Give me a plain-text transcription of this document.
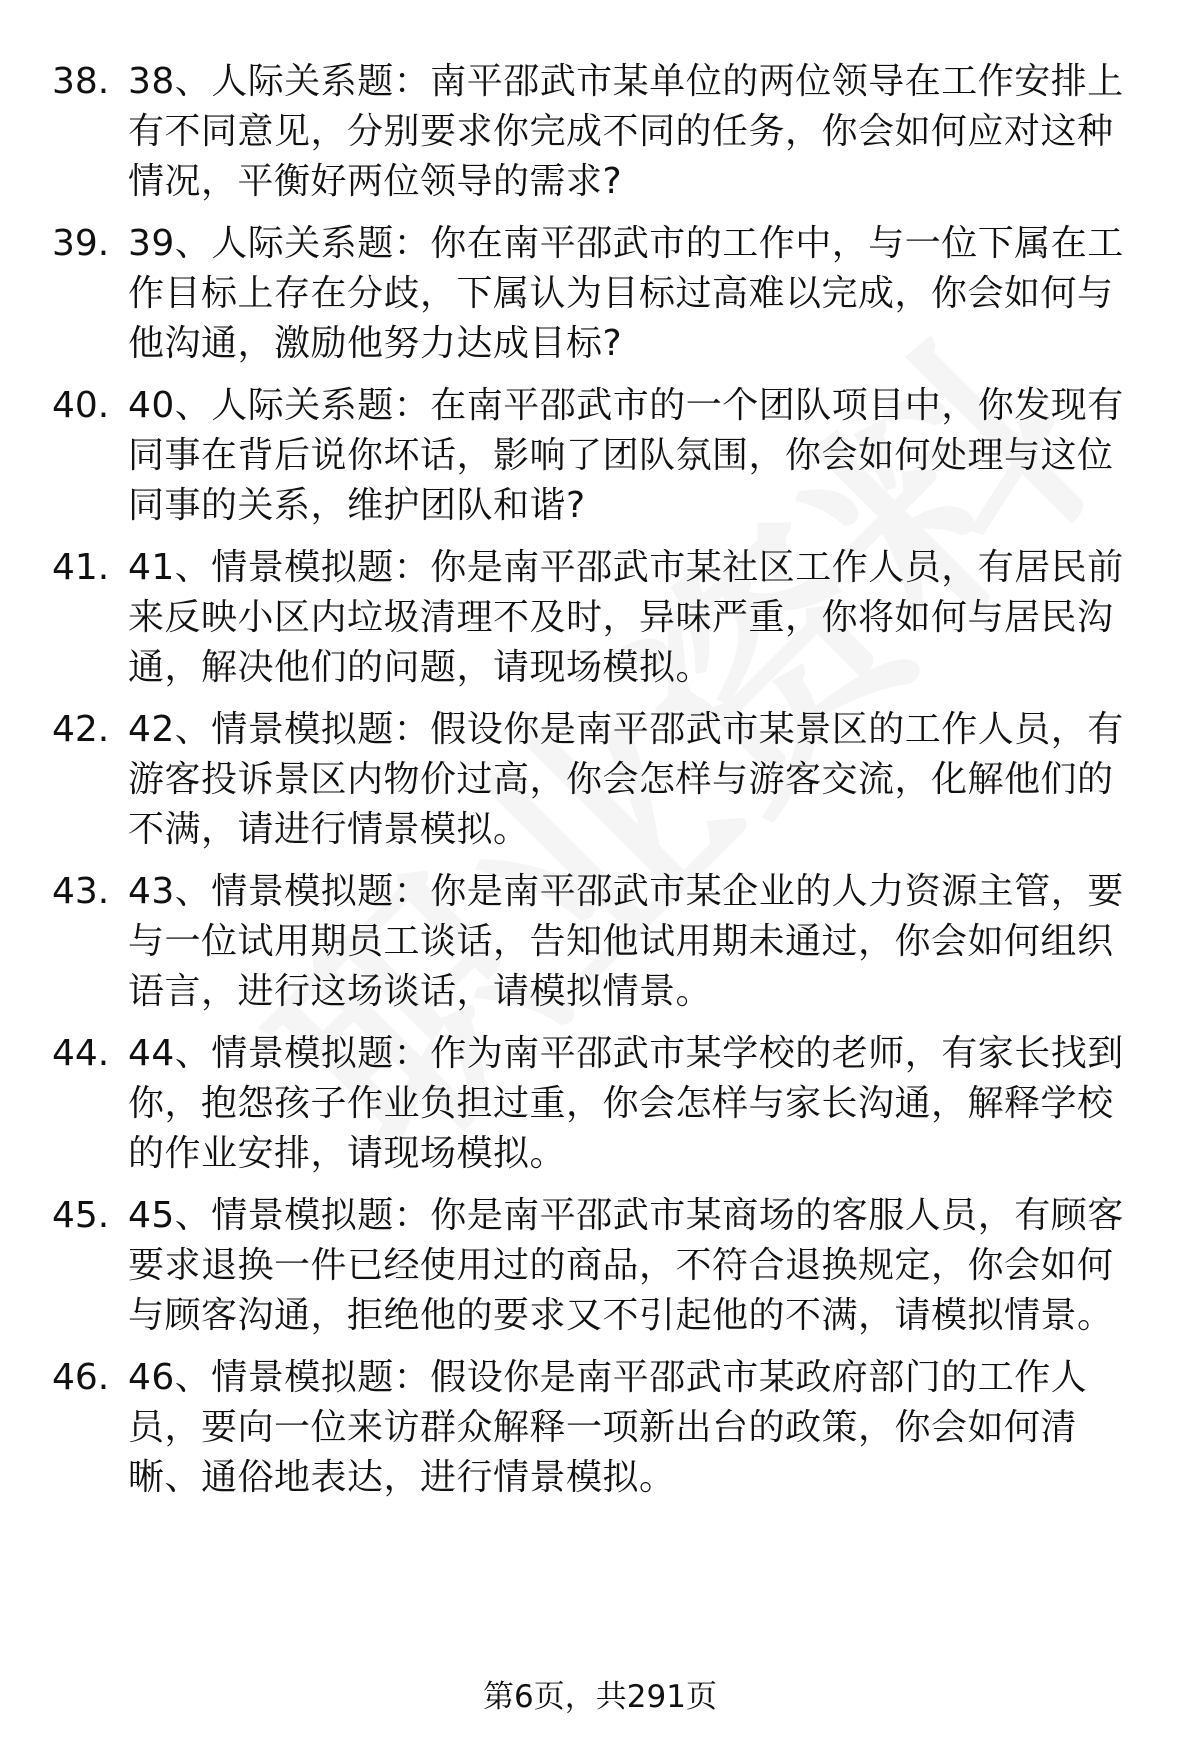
38. 38、人际关系题：南平邵武市某单位的两位领导在工作安排上有不同意见，分别要求你完成不同的任务，你会如何应对这种情况，平衡好两位领导的需求?
39. 39、人际关系题：你在南平邵武市的工作中，与一位下属在工作目标上存在分歧，下属认为目标过高难以完成，你会如何与他沟通，激励他努力达成目标?
40. 40、人际关系题：在南平邵武市的一个团队项目中，你发现有同事在背后说你坏话，影响了团队氛围，你会如何处理与这位同事的关系，维护团队和谐?
41. 41、情景模拟题：你是南平邵武市某社区工作人员，有居民前来反映小区内垃圾清理不及时，异味严重，你将如何与居民沟通，解决他们的问题，请现场模拟。
42. 42、情景模拟题：假设你是南平邵武市某景区的工作人员，有游客投诉景区内物价过高，你会怎样与游客交流，化解他们的不满，请进行情景模拟。
43. 43、情景模拟题：你是南平邵武市某企业的人力资源主管，要与一位试用期员工谈话，告知他试用期未通过，你会如何组织语言，进行这场谈话，请模拟情景。
44. 44、情景模拟题：作为南平邵武市某学校的老师，有家长找到你，抱怨孩子作业负担过重，你会怎样与家长沟通，解释学校的作业安排，请现场模拟。
45. 45、情景模拟题：你是南平邵武市某商场的客服人员，有顾客要求退换一件已经使用过的商品，不符合退换规定，你会如何与顾客沟通，拒绝他的要求又不引起他的不满，请模拟情景。
46. 46、情景模拟题：假设你是南平邵武市某政府部门的工作人员，要向一位来访群众解释一项新出台的政策，你会如何清晰、通俗地表达，进行情景模拟。
第6页，共291页
